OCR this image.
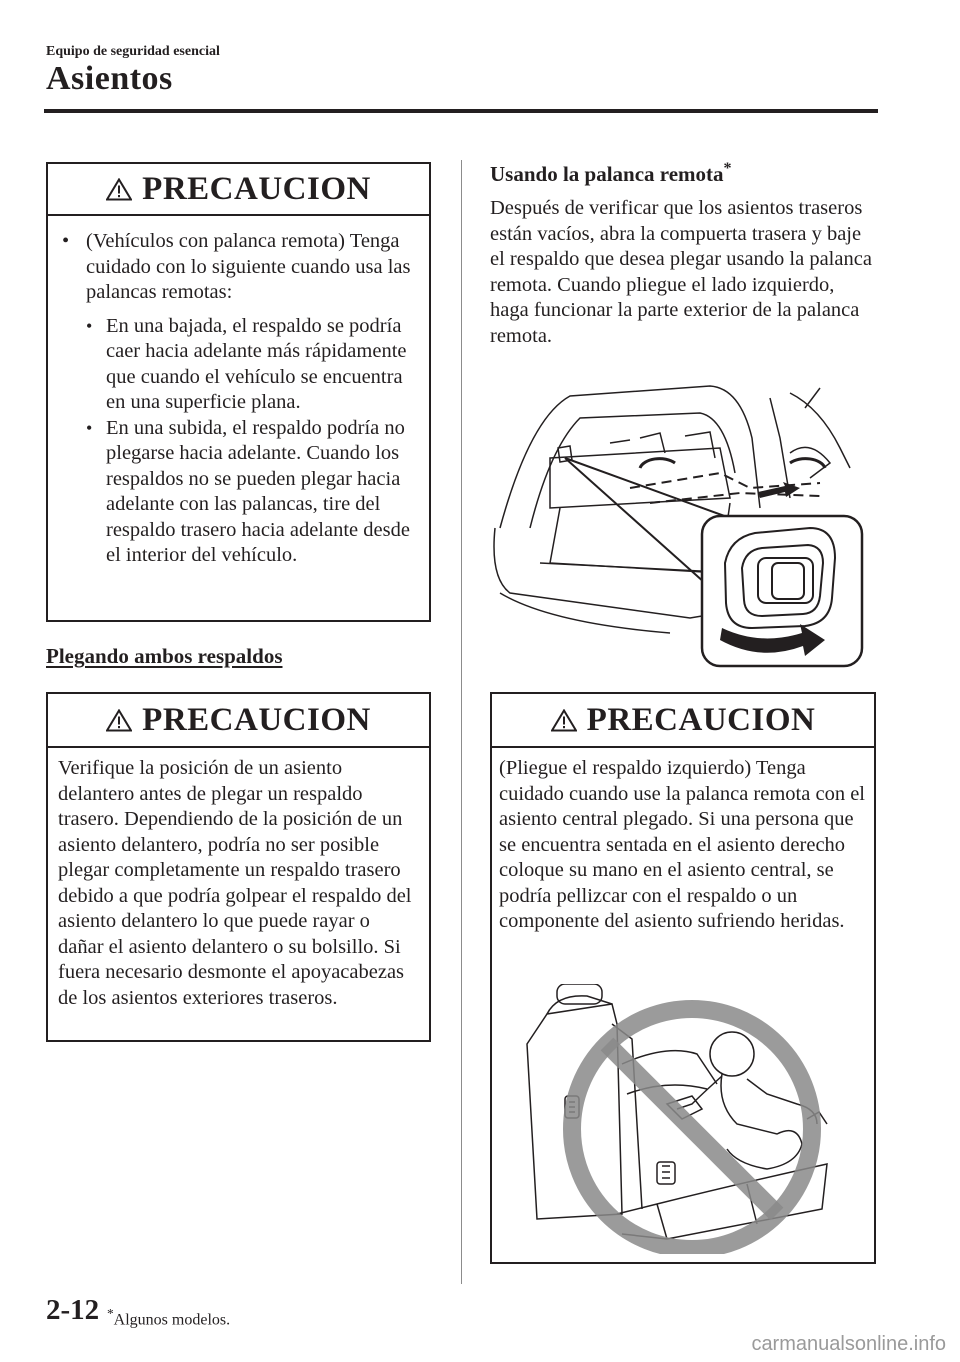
Equipo de seguridad esencial
Asientos
PRECAUCION
• (Vehículos con palanca remota) Tenga cuidado con lo siguiente cuando usa las palancas remotas:
• En una bajada, el respaldo se podría caer hacia adelante más rápidamente que cuando el vehículo se encuentra en una superficie plana.
• En una subida, el respaldo podría no plegarse hacia adelante. Cuando los respaldos no se pueden plegar hacia adelante con las palancas, tire del respaldo trasero hacia adelante desde el interior del vehículo.
Plegando ambos respaldos
PRECAUCION
Verifique la posición de un asiento delantero antes de plegar un respaldo trasero. Dependiendo de la posición de un asiento delantero, podría no ser posible plegar completamente un respaldo trasero debido a que podría golpear el respaldo del asiento delantero lo que puede rayar o dañar el asiento delantero o su bolsillo. Si fuera necesario desmonte el apoyacabezas de los asientos exteriores traseros.
Usando la palanca remota*
Después de verificar que los asientos traseros están vacíos, abra la compuerta trasera y baje el respaldo que desea plegar usando la palanca remota. Cuando pliegue el lado izquierdo, haga funcionar la parte exterior de la palanca remota.
PRECAUCION
(Pliegue el respaldo izquierdo) Tenga cuidado cuando use la palanca remota con el asiento central plegado. Si una persona que se encuentra sentada en el asiento derecho coloque su mano en el asiento central, se podría pellizcar con el respaldo o un componente del asiento sufriendo heridas.
2-12 *Algunos modelos.
carmanualsonline.info
